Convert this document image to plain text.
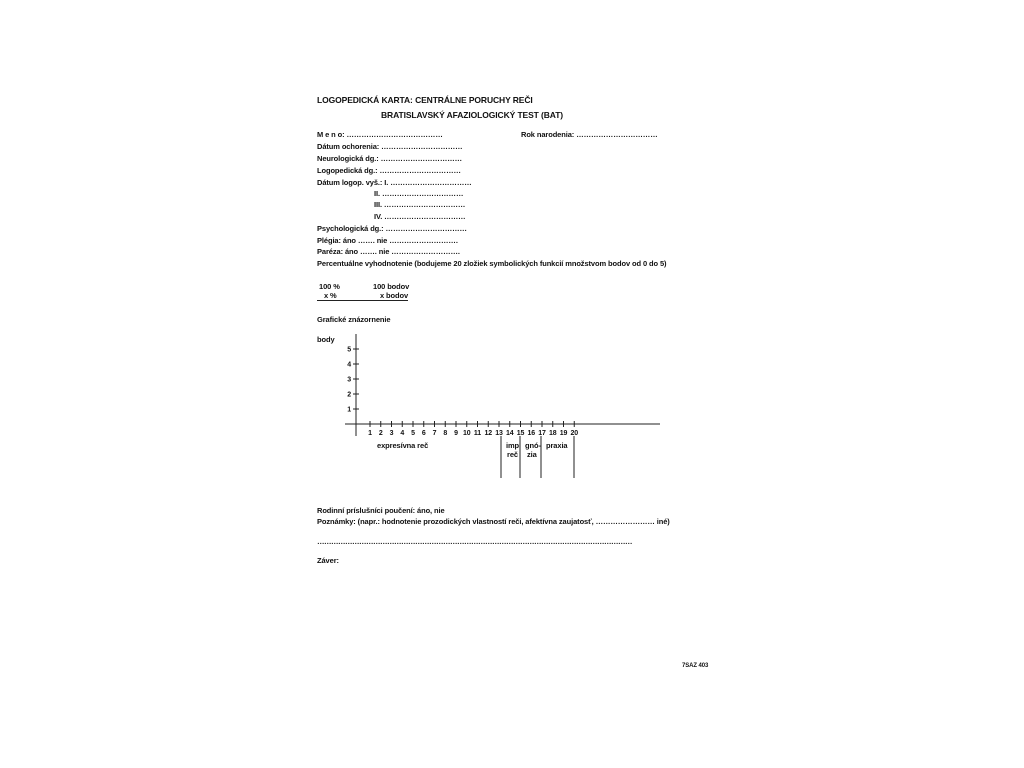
LOGOPEDICKÁ KARTA: CENTRÁLNE PORUCHY REČI
BRATISLAVSKÝ AFAZIOLOGICKÝ TEST (BAT)
M e n o: …………………………………	Rok narodenia: ……………………………
Dátum ochorenia: ……………………………
Neurologická dg.: ……………………………
Logopedická dg.: ……………………………
Dátum logop. vyš.: I. ……………………………
II. ……………………………
III. ……………………………
IV. ……………………………
Psychologická dg.: ……………………………
Plégia: áno ……. nie ……………………….
Paréza: áno ……. nie ……………………….
Percentuálne vyhodnotenie (bodujeme 20 zložiek symbolických funkcií množstvom bodov od 0 do 5)
100 %	100 bodov
x %	x bodov
Grafické znázornenie
body
5
4
3
2
1
1 2 3 4 5 6 7 8 9 10 11 12 13 14 15 16 17 18 19 20
expresívna reč	imp
reč
gnó-
zia
praxia
Rodinní príslušníci poučení: áno, nie
Poznámky: (napr.: hodnotenie prozodických vlastností reči, afektívna zaujatosť, …………………… iné)
………………………………………………………………………………………………………………………
Záver:
7SAZ 403
